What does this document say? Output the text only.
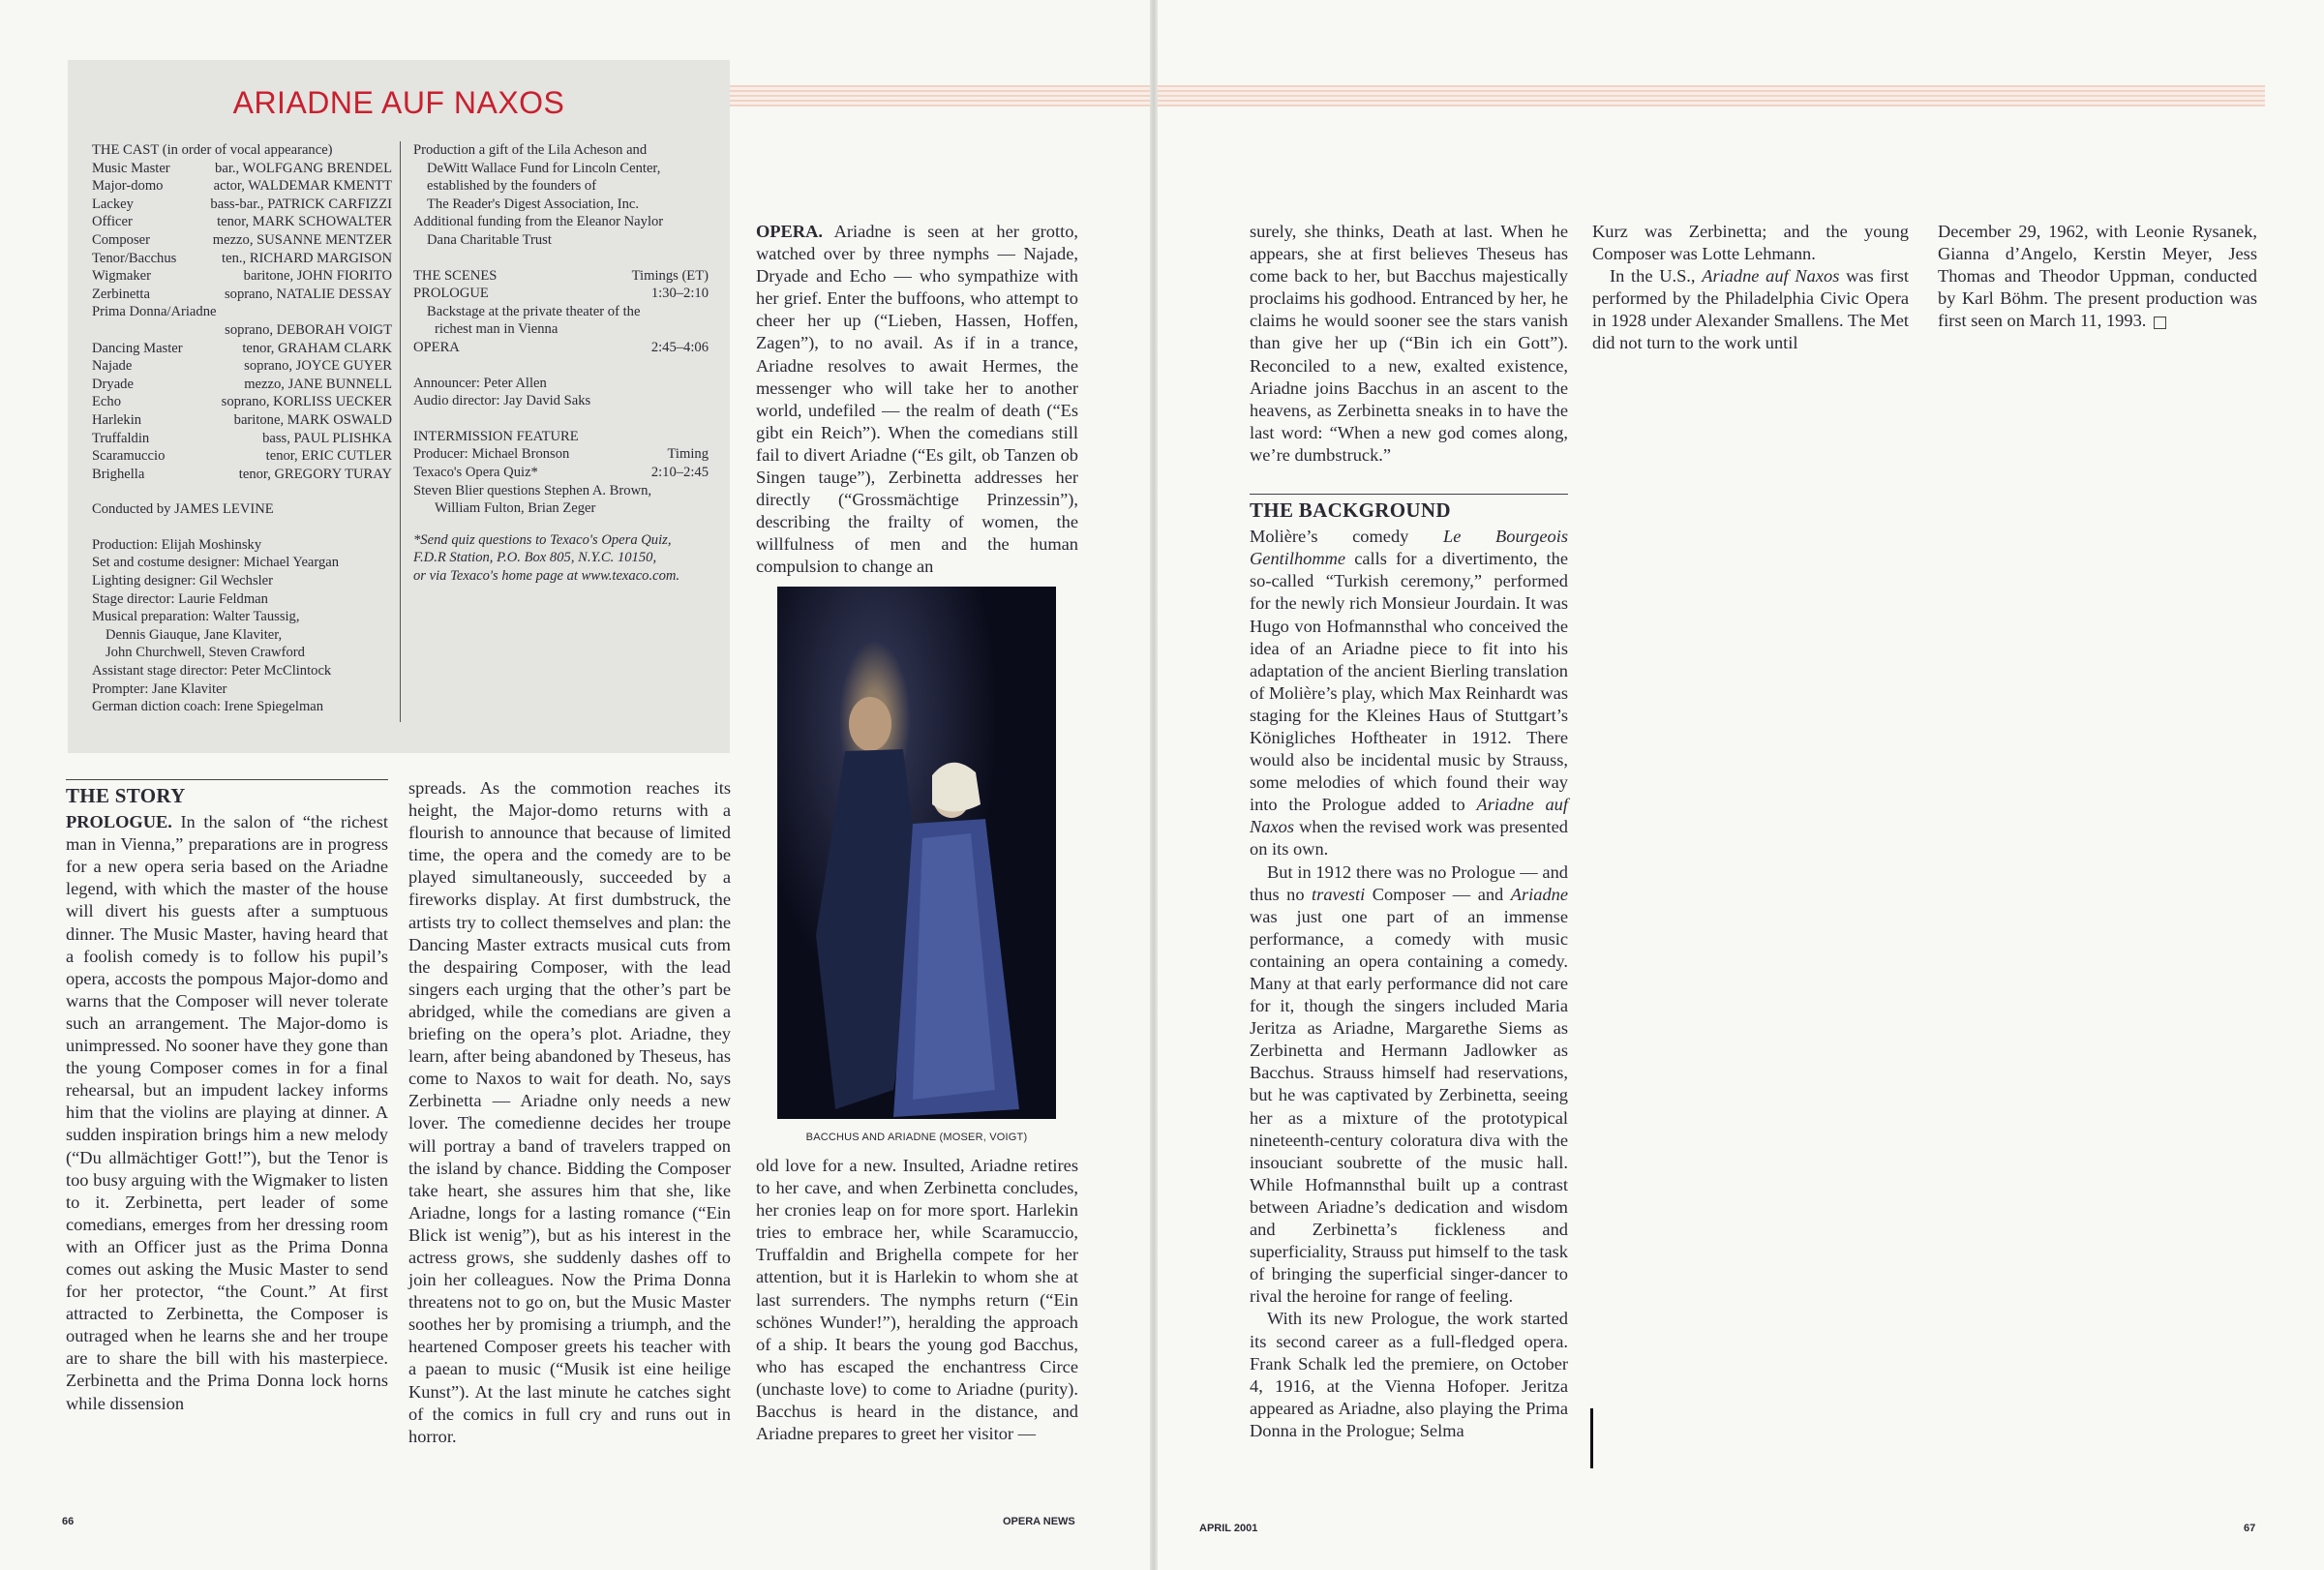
ARIADNE AUF NAXOS
THE CAST (in order of vocal appearance)
Music Master	bar., WOLFGANG BRENDEL
Major-domo	actor, WALDEMAR KMENTT
Lackey	bass-bar., PATRICK CARFIZZI
Officer	tenor, MARK SCHOWALTER
Composer	mezzo, SUSANNE MENTZER
Tenor/Bacchus	ten., RICHARD MARGISON
Wigmaker	baritone, JOHN FIORITO
Zerbinetta	soprano, NATALIE DESSAY
Prima Donna/Ariadne
soprano, DEBORAH VOIGT
Dancing Master	tenor, GRAHAM CLARK
Najade	soprano, JOYCE GUYER
Dryade	mezzo, JANE BUNNELL
Echo	soprano, KORLISS UECKER
Harlekin	baritone, MARK OSWALD
Truffaldin	bass, PAUL PLISHKA
Scaramuccio	tenor, ERIC CUTLER
Brighella	tenor, GREGORY TURAY
Conducted by JAMES LEVINE
Production: Elijah Moshinsky
Set and costume designer: Michael Yeargan
Lighting designer: Gil Wechsler
Stage director: Laurie Feldman
Musical preparation: Walter Taussig,
Dennis Giauque, Jane Klaviter,
John Churchwell, Steven Crawford
Assistant stage director: Peter McClintock
Prompter: Jane Klaviter
German diction coach: Irene Spiegelman
Production a gift of the Lila Acheson and
DeWitt Wallace Fund for Lincoln Center,
established by the founders of
The Reader's Digest Association, Inc.
Additional funding from the Eleanor Naylor
Dana Charitable Trust
THE SCENES	Timings (ET)
PROLOGUE	1:30–2:10
Backstage at the private theater of the
richest man in Vienna
OPERA	2:45–4:06
Announcer: Peter Allen
Audio director: Jay David Saks
INTERMISSION FEATURE
Producer: Michael Bronson	Timing
Texaco's Opera Quiz*	2:10–2:45
Steven Blier questions Stephen A. Brown,
William Fulton, Brian Zeger
*Send quiz questions to Texaco's Opera Quiz,
F.D.R Station, P.O. Box 805, N.Y.C. 10150,
or via Texaco's home page at www.texaco.com.
THE STORY

PROLOGUE. In the salon of “the richest man in Vienna,” preparations are in progress for a new opera seria based on the Ariadne legend, with which the master of the house will divert his guests after a sumptuous dinner. The Music Master, having heard that a foolish comedy is to follow his pupil’s opera, accosts the pompous Major-domo and warns that the Composer will never tolerate such an arrangement. The Major-domo is unimpressed. No sooner have they gone than the young Composer comes in for a final rehearsal, but an impudent lackey informs him that the violins are playing at dinner. A sudden inspiration brings him a new melody (“Du allmächtiger Gott!”), but the Tenor is too busy arguing with the Wigmaker to listen to it. Zerbinetta, pert leader of some comedians, emerges from her dressing room with an Officer just as the Prima Donna comes out asking the Music Master to send for her protector, “the Count.” At first attracted to Zerbinetta, the Composer is outraged when he learns she and her troupe are to share the bill with his masterpiece. Zerbinetta and the Prima Donna lock horns while dissension

spreads. As the commotion reaches its height, the Major-domo returns with a flourish to announce that because of limited time, the opera and the comedy are to be played simultaneously, succeeded by a fireworks display. At first dumbstruck, the artists try to collect themselves and plan: the Dancing Master extracts musical cuts from the despairing Composer, with the lead singers each urging that the other’s part be abridged, while the comedians are given a briefing on the opera’s plot. Ariadne, they learn, after being abandoned by Theseus, has come to Naxos to wait for death. No, says Zerbinetta — Ariadne only needs a new lover. The comedienne decides her troupe will portray a band of travelers trapped on the island by chance. Bidding the Composer take heart, she assures him that she, like Ariadne, longs for a lasting romance (“Ein Blick ist wenig”), but as his interest in the actress grows, she suddenly dashes off to join her colleagues. Now the Prima Donna threatens not to go on, but the Music Master soothes her by promising a triumph, and the heartened Composer greets his teacher with a paean to music (“Musik ist eine heilige Kunst”). At the last minute he catches sight of the comics in full cry and runs out in horror.

OPERA. Ariadne is seen at her grotto, watched over by three nymphs — Najade, Dryade and Echo — who sympathize with her grief. Enter the buffoons, who attempt to cheer her up (“Lieben, Hassen, Hoffen, Zagen”), to no avail. As if in a trance, Ariadne resolves to await Hermes, the messenger who will take her to another world, undefiled — the realm of death (“Es gibt ein Reich”). When the comedians still fail to divert Ariadne (“Es gilt, ob Tanzen ob Singen tauge”), Zerbinetta addresses her directly (“Grossmächtige Prinzessin”), describing the frailty of women, the willfulness of men and the human compulsion to change an

BACCHUS AND ARIADNE (MOSER, VOIGT)

old love for a new. Insulted, Ariadne retires to her cave, and when Zerbinetta concludes, her cronies leap on for more sport. Harlekin tries to embrace her, while Scaramuccio, Truffaldin and Brighella compete for her attention, but it is Harlekin to whom she at last surrenders. The nymphs return (“Ein schönes Wunder!”), heralding the approach of a ship. It bears the young god Bacchus, who has escaped the enchantress Circe (unchaste love) to come to Ariadne (purity). Bacchus is heard in the distance, and Ariadne prepares to greet her visitor —

surely, she thinks, Death at last. When he appears, she at first believes Theseus has come back to her, but Bacchus majestically proclaims his godhood. Entranced by her, he claims he would sooner see the stars vanish than give her up (“Bin ich ein Gott”). Reconciled to a new, exalted existence, Ariadne joins Bacchus in an ascent to the heavens, as Zerbinetta sneaks in to have the last word: “When a new god comes along, we’re dumbstruck.”

THE BACKGROUND

Molière’s comedy Le Bourgeois Gentilhomme calls for a divertimento, the so-called “Turkish ceremony,” performed for the newly rich Monsieur Jourdain. It was Hugo von Hofmannsthal who conceived the idea of an Ariadne piece to fit into his adaptation of the ancient Bierling translation of Molière’s play, which Max Reinhardt was staging for the Kleines Haus of Stuttgart’s Königliches Hoftheater in 1912. There would also be incidental music by Strauss, some melodies of which found their way into the Prologue added to Ariadne auf Naxos when the revised work was presented on its own.

But in 1912 there was no Prologue — and thus no travesti Composer — and Ariadne was just one part of an immense performance, a comedy with music containing an opera containing a comedy. Many at that early performance did not care for it, though the singers included Maria Jeritza as Ariadne, Margarethe Siems as Zerbinetta and Hermann Jadlowker as Bacchus. Strauss himself had reservations, but he was captivated by Zerbinetta, seeing her as a mixture of the prototypical nineteenth-century coloratura diva with the insouciant soubrette of the music hall. While Hofmannsthal built up a contrast between Ariadne’s dedication and wisdom and Zerbinetta’s fickleness and superficiality, Strauss put himself to the task of bringing the superficial singer-dancer to rival the heroine for range of feeling.

With its new Prologue, the work started its second career as a full-fledged opera. Frank Schalk led the premiere, on October 4, 1916, at the Vienna Hofoper. Jeritza appeared as Ariadne, also playing the Prima Donna in the Prologue; Selma

Kurz was Zerbinetta; and the young Composer was Lotte Lehmann.

In the U.S., Ariadne auf Naxos was first performed by the Philadelphia Civic Opera in 1928 under Alexander Smallens. The Met did not turn to the work until

December 29, 1962, with Leonie Rysanek, Gianna d’Angelo, Kerstin Meyer, Jess Thomas and Theodor Uppman, conducted by Karl Böhm. The present production was first seen on March 11, 1993.

66	OPERA NEWS
APRIL 2001	67
